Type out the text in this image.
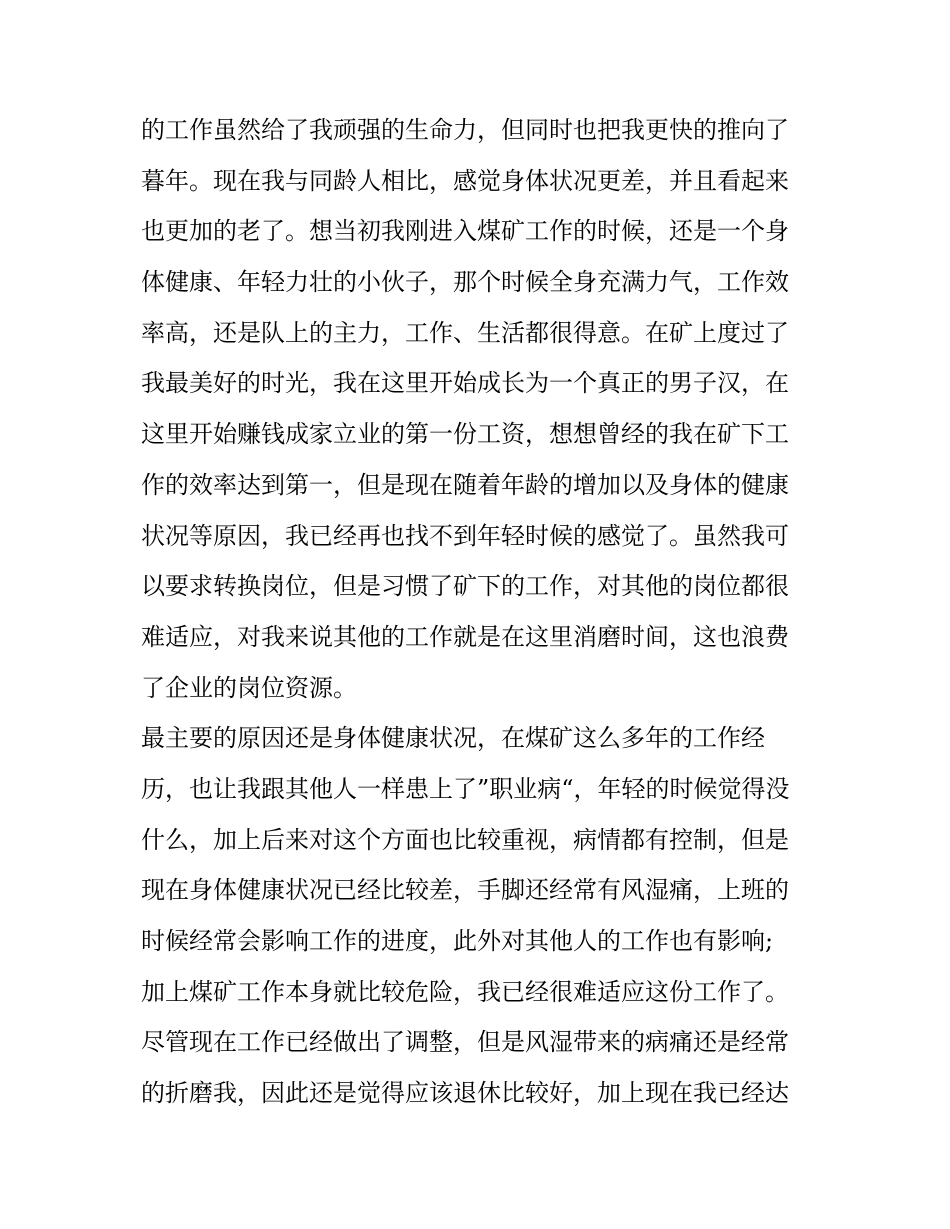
的工作虽然给了我顽强的生命力，但同时也把我更快的推向了
暮年。现在我与同龄人相比，感觉身体状况更差，并且看起来
也更加的老了。想当初我刚进入煤矿工作的时候，还是一个身
体健康、年轻力壮的小伙子，那个时候全身充满力气，工作效
率高，还是队上的主力，工作、生活都很得意。在矿上度过了
我最美好的时光，我在这里开始成长为一个真正的男子汉，在
这里开始赚钱成家立业的第一份工资，想想曾经的我在矿下工
作的效率达到第一，但是现在随着年龄的增加以及身体的健康
状况等原因，我已经再也找不到年轻时候的感觉了。虽然我可
以要求转换岗位，但是习惯了矿下的工作，对其他的岗位都很
难适应，对我来说其他的工作就是在这里消磨时间，这也浪费
了企业的岗位资源。
最主要的原因还是身体健康状况，在煤矿这么多年的工作经
历，也让我跟其他人一样患上了”职业病“，年轻的时候觉得没
什么，加上后来对这个方面也比较重视，病情都有控制，但是
现在身体健康状况已经比较差，手脚还经常有风湿痛，上班的
时候经常会影响工作的进度，此外对其他人的工作也有影响;
加上煤矿工作本身就比较危险，我已经很难适应这份工作了。
尽管现在工作已经做出了调整，但是风湿带来的病痛还是经常
的折磨我，因此还是觉得应该退休比较好，加上现在我已经达
